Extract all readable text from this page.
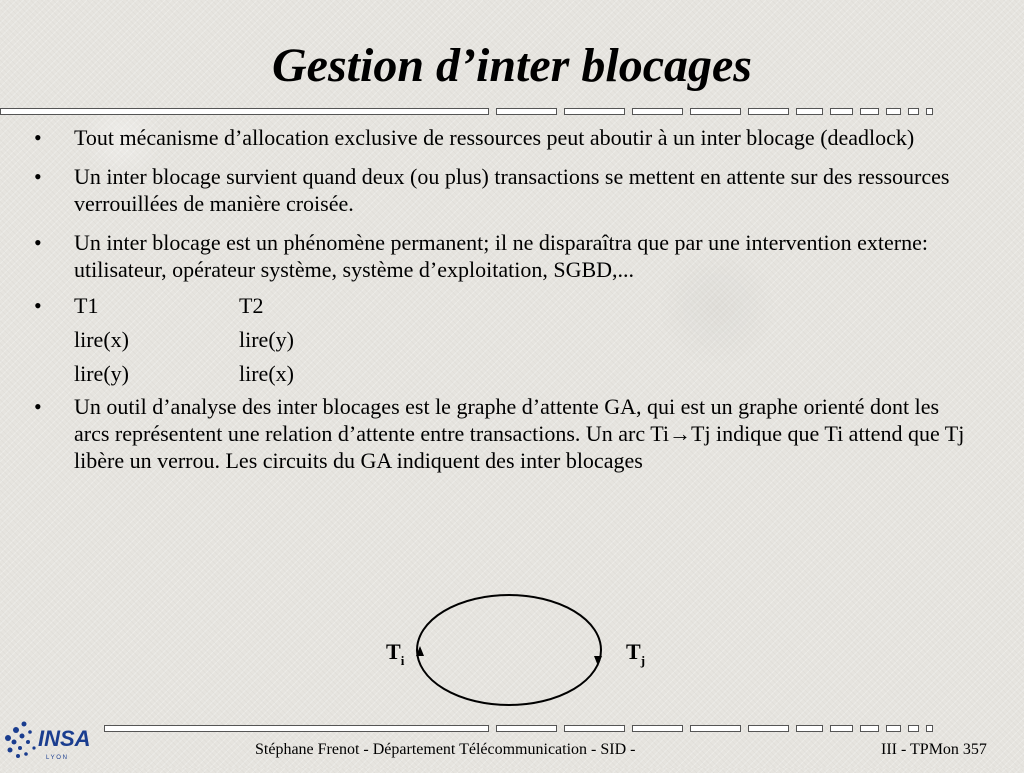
Gestion d’inter blocages

•	Tout mécanisme d’allocation exclusive de ressources peut aboutir à un inter blocage (deadlock)

•	Un inter blocage survient quand deux (ou plus) transactions se mettent en attente sur des ressources verrouillées de manière croisée.

•	Un inter blocage est un phénomène permanent; il ne disparaîtra que par une intervention externe: utilisateur, opérateur système, système d’exploitation, SGBD,...

• T1	T2
lire(x)	lire(y)
lire(y)	lire(x)

•	Un outil d’analyse des inter blocages est le graphe d’attente GA, qui est un graphe orienté dont les arcs représentent une relation d’attente entre transactions. Un arc Ti→Tj indique que Ti attend que Tj libère un verrou. Les circuits du GA indiquent des inter blocages

$T_i$	$T_j$
INSA
L Y O N	Stéphane Frenot - Département Télécommunication - SID -	III - TPMon 357
